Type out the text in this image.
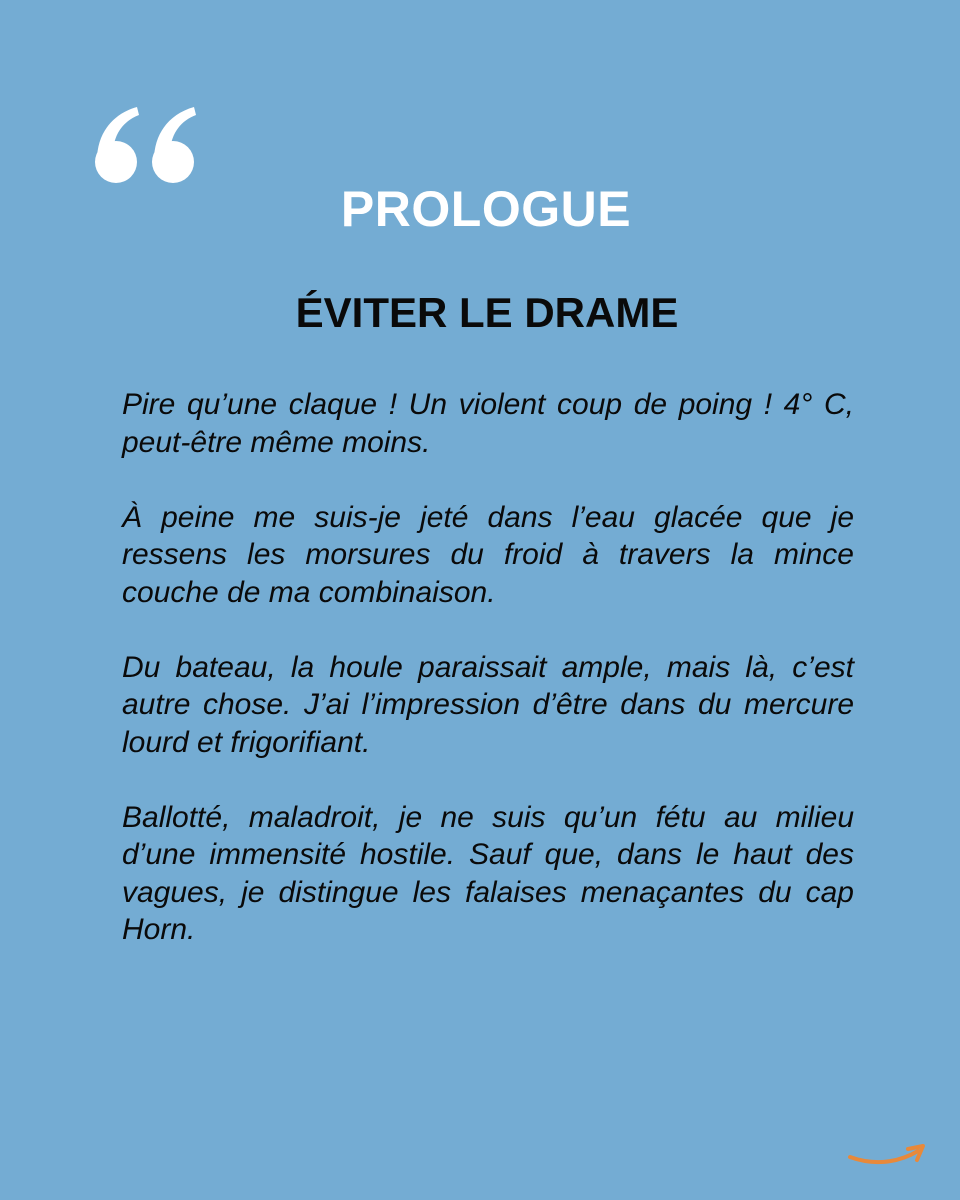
PROLOGUE
ÉVITER LE DRAME

Pire qu’une claque ! Un violent coup de poing ! 4° C, peut-être même moins.

À peine me suis-je jeté dans l’eau glacée que je ressens les morsures du froid à travers la mince couche de ma combinaison.

Du bateau, la houle paraissait ample, mais là, c’est autre chose. J’ai l’impression d’être dans du mercure lourd et frigorifiant.

Ballotté, maladroit, je ne suis qu’un fétu au milieu d’une immensité hostile. Sauf que, dans le haut des vagues, je distingue les falaises menaçantes du cap Horn.
